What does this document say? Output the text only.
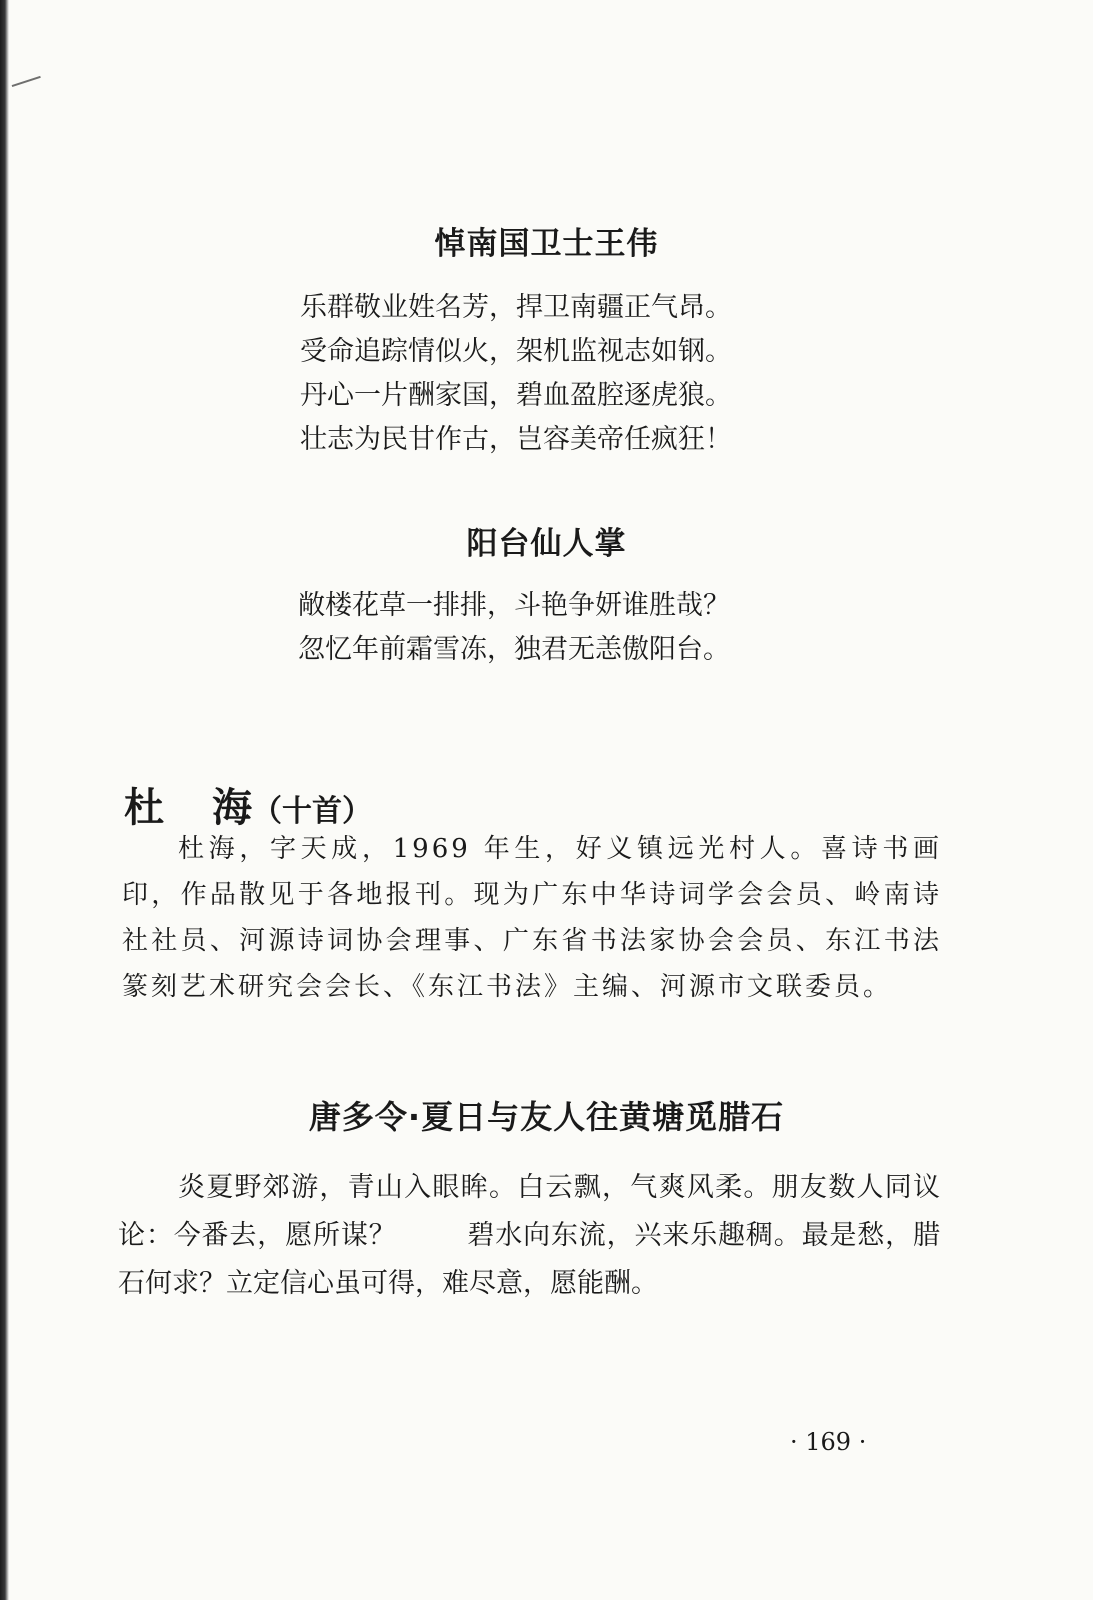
悼南国卫士王伟
乐群敬业姓名芳，捍卫南疆正气昂。
受命追踪情似火，架机监视志如钢。
丹心一片酬家国，碧血盈腔逐虎狼。
壮志为民甘作古，岂容美帝任疯狂！
阳台仙人掌
敞楼花草一排排，斗艳争妍谁胜哉？
忽忆年前霜雪冻，独君无恙傲阳台。
杜 海（十首）

杜海，字天成，1969 年生，好义镇远光村人。喜诗书画印，作品散见于各地报刊。现为广东中华诗词学会会员、岭南诗社社员、河源诗词协会理事、广东省书法家协会会员、东江书法篆刻艺术研究会会长、《东江书法》主编、河源市文联委员。

唐多令·夏日与友人往黄塘觅腊石

炎夏野郊游，青山入眼眸。白云飘，气爽风柔。朋友数人同议论：今番去，愿所谋？	碧水向东流，兴来乐趣稠。最是愁，腊石何求？立定信心虽可得，难尽意，愿能酬。

· 169 ·
